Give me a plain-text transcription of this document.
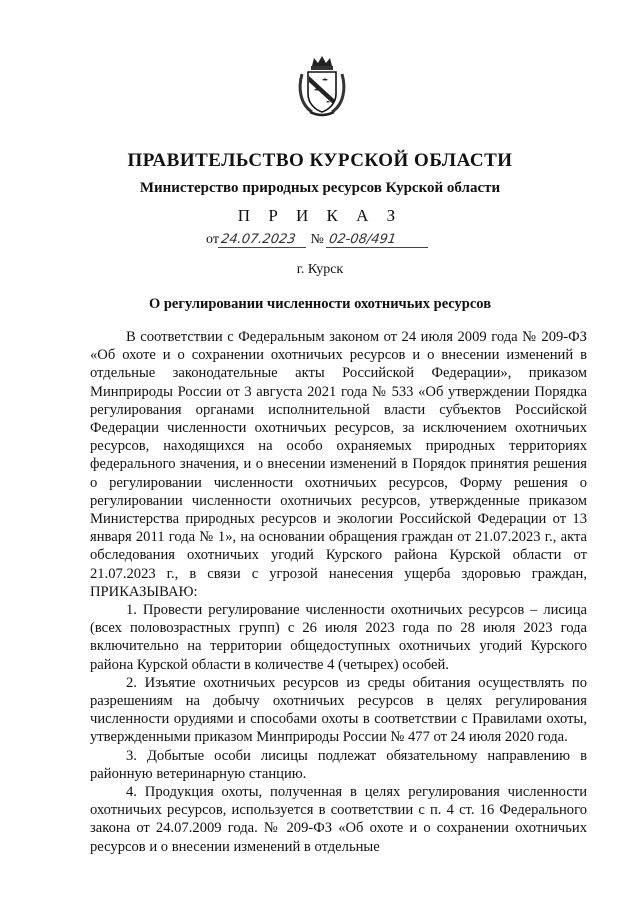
ПРАВИТЕЛЬСТВО КУРСКОЙ ОБЛАСТИ
Министерство природных ресурсов Курской области
П Р И К А З
от24.07.2023 № 02-08/491
г. Курск
О регулировании численности охотничьих ресурсов

В соответствии с Федеральным законом от 24 июля 2009 года № 209-ФЗ «Об охоте и о сохранении охотничьих ресурсов и о внесении изменений в отдельные законодательные акты Российской Федерации», приказом Минприроды России от 3 августа 2021 года № 533 «Об утверждении Порядка регулирования органами исполнительной власти субъектов Российской Федерации численности охотничьих ресурсов, за исключением охотничьих ресурсов, находящихся на особо охраняемых природных территориях федерального значения, и о внесении изменений в Порядок принятия решения о регулировании численности охотничьих ресурсов, Форму решения о регулировании численности охотничьих ресурсов, утвержденные приказом Министерства природных ресурсов и экологии Российской Федерации от 13 января 2011 года № 1», на основании обращения граждан от 21.07.2023 г., акта обследования охотничьих угодий Курского района Курской области от 21.07.2023 г., в связи с угрозой нанесения ущерба здоровью граждан, ПРИКАЗЫВАЮ:

1. Провести регулирование численности охотничьих ресурсов – лисица (всех половозрастных групп) с 26 июля 2023 года по 28 июля 2023 года включительно на территории общедоступных охотничьих угодий Курского района Курской области в количестве 4 (четырех) особей.

2. Изъятие охотничьих ресурсов из среды обитания осуществлять по разрешениям на добычу охотничьих ресурсов в целях регулирования численности орудиями и способами охоты в соответствии с Правилами охоты, утвержденными приказом Минприроды России № 477 от 24 июля 2020 года.

3. Добытые особи лисицы подлежат обязательному направлению в районную ветеринарную станцию.

4. Продукция охоты, полученная в целях регулирования численности охотничьих ресурсов, используется в соответствии с п. 4 ст. 16 Федерального закона от 24.07.2009 года. № 209-ФЗ «Об охоте и о сохранении охотничьих ресурсов и о внесении изменений в отдельные
